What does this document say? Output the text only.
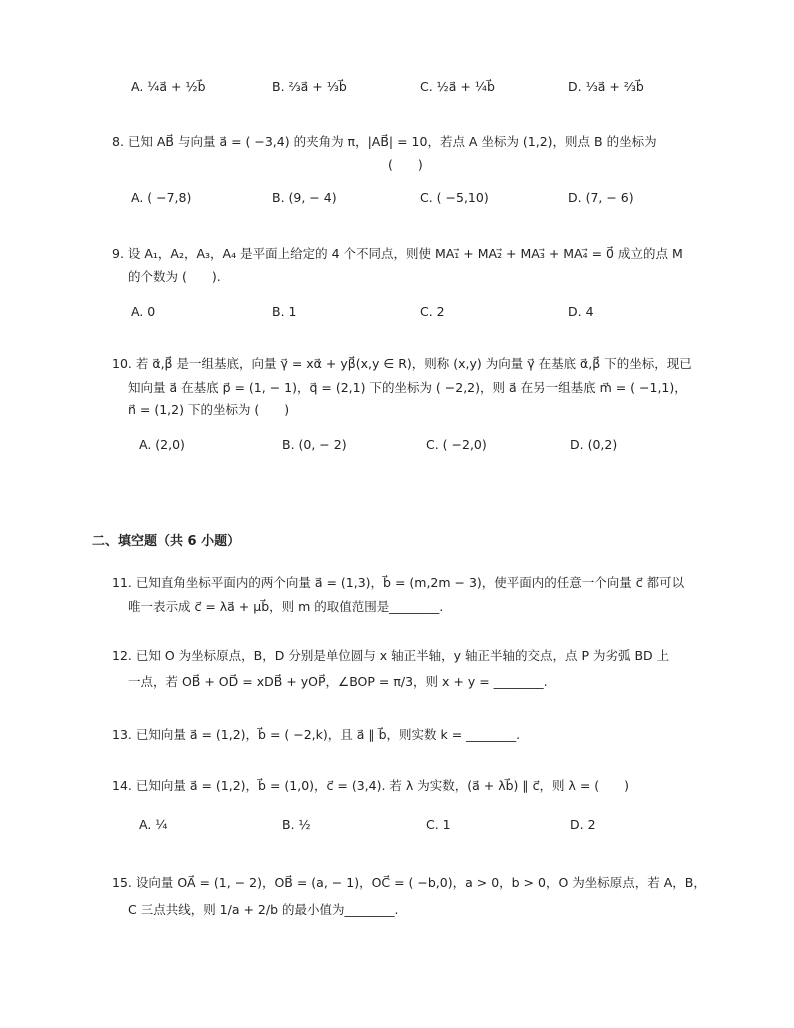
A. ¼a⃗ + ½b⃗	B. ⅔a⃗ + ⅓b⃗	C. ½a⃗ + ¼b⃗	D. ⅓a⃗ + ⅔b⃗
8. 已知 AB⃗ 与向量 a⃗ = ( −3,4) 的夹角为 π，|AB⃗| = 10，若点 A 坐标为 (1,2)，则点 B 的坐标为
(　　)
A. ( −7,8)	B. (9, − 4)	C. ( −5,10)	D. (7, − 6)
9. 设 A₁，A₂，A₃，A₄ 是平面上给定的 4 个不同点，则使 MA₁⃗ + MA₂⃗ + MA₃⃗ + MA₄⃗ = 0⃗ 成立的点 M
的个数为 (　　).
A. 0	B. 1	C. 2	D. 4
10. 若 α⃗,β⃗ 是一组基底，向量 γ⃗ = xα⃗ + yβ⃗(x,y ∈ R)，则称 (x,y) 为向量 γ⃗ 在基底 α⃗,β⃗ 下的坐标，现已
知向量 a⃗ 在基底 p⃗ = (1, − 1)，q⃗ = (2,1) 下的坐标为 ( −2,2)，则 a⃗ 在另一组基底 m⃗ = ( −1,1)，
n⃗ = (1,2) 下的坐标为 (　　)
A. (2,0)	B. (0, − 2)	C. ( −2,0)	D. (0,2)
二、填空题（共 6 小题）
11. 已知直角坐标平面内的两个向量 a⃗ = (1,3)，b⃗ = (m,2m − 3)，使平面内的任意一个向量 c⃗ 都可以
唯一表示成 c⃗ = λa⃗ + μb⃗，则 m 的取值范围是________.
12. 已知 O 为坐标原点，B，D 分别是单位圆与 x 轴正半轴，y 轴正半轴的交点，点 P 为劣弧 BD 上
一点，若 OB⃗ + OD⃗ = xDB⃗ + yOP⃗，∠BOP = π/3，则 x + y = ________.
13. 已知向量 a⃗ = (1,2)，b⃗ = ( −2,k)，且 a⃗ ∥ b⃗，则实数 k = ________.
14. 已知向量 a⃗ = (1,2)，b⃗ = (1,0)，c⃗ = (3,4). 若 λ 为实数，(a⃗ + λb⃗) ∥ c⃗，则 λ = (　　)
A. ¼	B. ½	C. 1	D. 2
15. 设向量 OA⃗ = (1, − 2)，OB⃗ = (a, − 1)，OC⃗ = ( −b,0)，a > 0，b > 0，O 为坐标原点，若 A，B，
C 三点共线，则 1/a + 2/b 的最小值为________.
